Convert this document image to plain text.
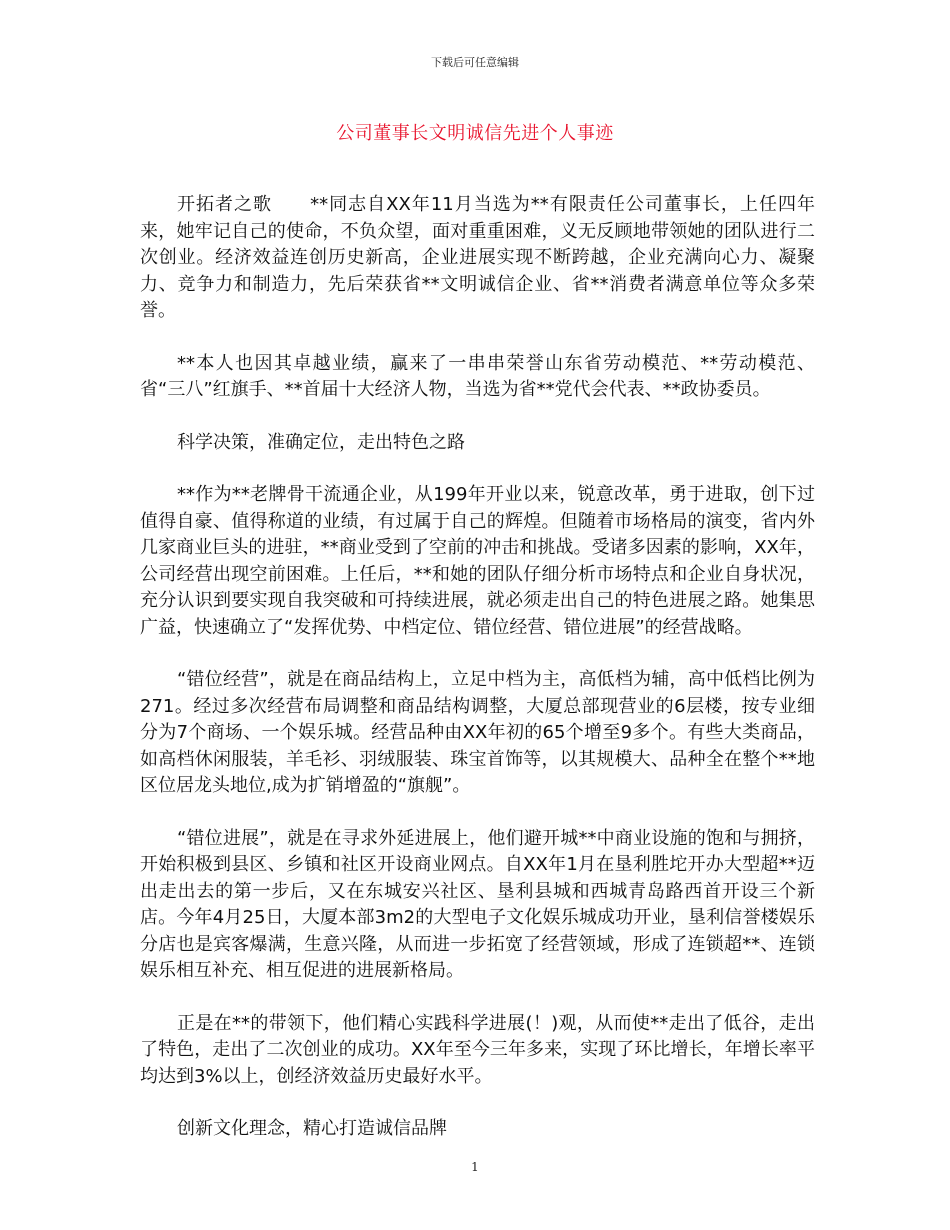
下载后可任意编辑
公司董事长文明诚信先进个人事迹

开拓者之歌　　**同志自XX年11月当选为**有限责任公司董事长，上任四年来，她牢记自己的使命，不负众望，面对重重困难，义无反顾地带领她的团队进行二次创业。经济效益连创历史新高，企业进展实现不断跨越，企业充满向心力、凝聚力、竞争力和制造力，先后荣获省**文明诚信企业、省**消费者满意单位等众多荣誉。

**本人也因其卓越业绩，赢来了一串串荣誉山东省劳动模范、**劳动模范、省“三八”红旗手、**首届十大经济人物，当选为省**党代会代表、**政协委员。

科学决策，准确定位，走出特色之路

**作为**老牌骨干流通企业，从199年开业以来，锐意改革，勇于进取，创下过值得自豪、值得称道的业绩，有过属于自己的辉煌。但随着市场格局的演变，省内外几家商业巨头的进驻，**商业受到了空前的冲击和挑战。受诸多因素的影响，XX年，公司经营出现空前困难。上任后，**和她的团队仔细分析市场特点和企业自身状况，充分认识到要实现自我突破和可持续进展，就必须走出自己的特色进展之路。她集思广益，快速确立了“发挥优势、中档定位、错位经营、错位进展”的经营战略。

“错位经营”，就是在商品结构上，立足中档为主，高低档为辅，高中低档比例为271。经过多次经营布局调整和商品结构调整，大厦总部现营业的6层楼，按专业细分为7个商场、一个娱乐城。经营品种由XX年初的65个增至9多个。有些大类商品，如高档休闲服装，羊毛衫、羽绒服装、珠宝首饰等，以其规模大、品种全在整个**地区位居龙头地位,成为扩销增盈的“旗舰”。

“错位进展”，就是在寻求外延进展上，他们避开城**中商业设施的饱和与拥挤，开始积极到县区、乡镇和社区开设商业网点。自XX年1月在垦利胜坨开办大型超**迈出走出去的第一步后，又在东城安兴社区、垦利县城和西城青岛路西首开设三个新店。今年4月25日，大厦本部3m2的大型电子文化娱乐城成功开业，垦利信誉楼娱乐分店也是宾客爆满，生意兴隆，从而进一步拓宽了经营领域，形成了连锁超**、连锁娱乐相互补充、相互促进的进展新格局。

正是在**的带领下，他们精心实践科学进展(！)观，从而使**走出了低谷，走出了特色，走出了二次创业的成功。XX年至今三年多来，实现了环比增长，年增长率平均达到3%以上，创经济效益历史最好水平。

创新文化理念，精心打造诚信品牌

1
